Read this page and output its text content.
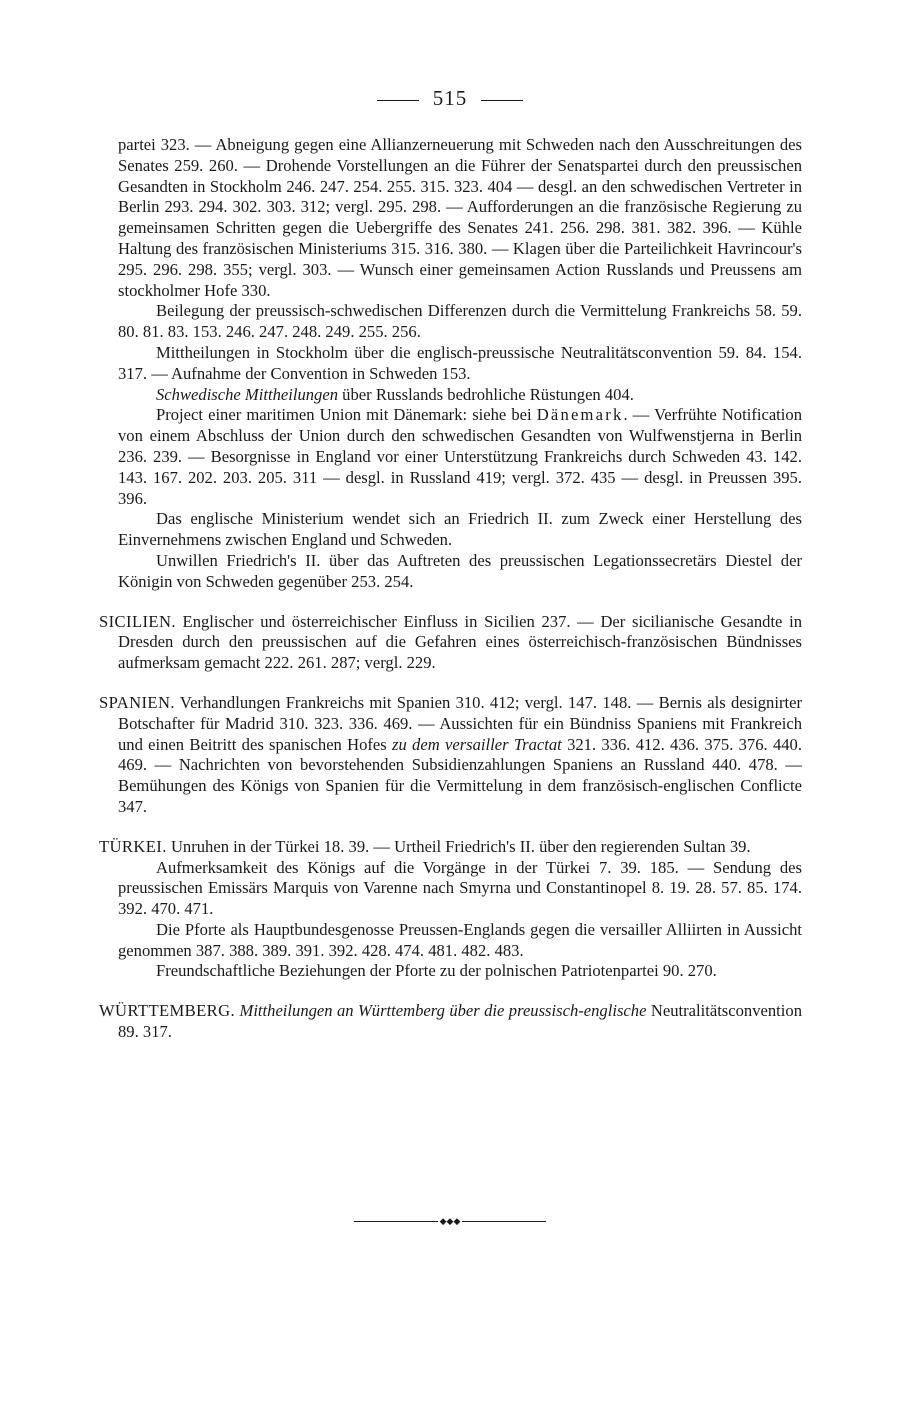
515

partei 323. — Abneigung gegen eine Allianzerneuerung mit Schweden nach den Ausschreitungen des Senates 259. 260. — Drohende Vorstellungen an die Führer der Senatspartei durch den preussischen Gesandten in Stockholm 246. 247. 254. 255. 315. 323. 404 — desgl. an den schwedischen Vertreter in Berlin 293. 294. 302. 303. 312; vergl. 295. 298. — Aufforderungen an die französische Regierung zu gemeinsamen Schritten gegen die Uebergriffe des Senates 241. 256. 298. 381. 382. 396. — Kühle Haltung des französischen Ministeriums 315. 316. 380. — Klagen über die Parteilichkeit Havrincour's 295. 296. 298. 355; vergl. 303. — Wunsch einer gemeinsamen Action Russlands und Preussens am stockholmer Hofe 330.

Beilegung der preussisch-schwedischen Differenzen durch die Vermittelung Frankreichs 58. 59. 80. 81. 83. 153. 246. 247. 248. 249. 255. 256.

Mittheilungen in Stockholm über die englisch-preussische Neutralitätsconvention 59. 84. 154. 317. — Aufnahme der Convention in Schweden 153.

Schwedische Mittheilungen über Russlands bedrohliche Rüstungen 404.

Project einer maritimen Union mit Dänemark: siehe bei Dänemark. — Verfrühte Notification von einem Abschluss der Union durch den schwedischen Gesandten von Wulfwenstjerna in Berlin 236. 239. — Besorgnisse in England vor einer Unterstützung Frankreichs durch Schweden 43. 142. 143. 167. 202. 203. 205. 311 — desgl. in Russland 419; vergl. 372. 435 — desgl. in Preussen 395. 396.

Das englische Ministerium wendet sich an Friedrich II. zum Zweck einer Herstellung des Einvernehmens zwischen England und Schweden.

Unwillen Friedrich's II. über das Auftreten des preussischen Legationssecretärs Diestel der Königin von Schweden gegenüber 253. 254.

SICILIEN. Englischer und österreichischer Einfluss in Sicilien 237. — Der sicilianische Gesandte in Dresden durch den preussischen auf die Gefahren eines österreichisch-französischen Bündnisses aufmerksam gemacht 222. 261. 287; vergl. 229.

SPANIEN. Verhandlungen Frankreichs mit Spanien 310. 412; vergl. 147. 148. — Bernis als designirter Botschafter für Madrid 310. 323. 336. 469. — Aussichten für ein Bündniss Spaniens mit Frankreich und einen Beitritt des spanischen Hofes zu dem versailler Tractat 321. 336. 412. 436. 375. 376. 440. 469. — Nachrichten von bevorstehenden Subsidienzahlungen Spaniens an Russland 440. 478. — Bemühungen des Königs von Spanien für die Vermittelung in dem französisch-englischen Conflicte 347.

TÜRKEI. Unruhen in der Türkei 18. 39. — Urtheil Friedrich's II. über den regierenden Sultan 39.

Aufmerksamkeit des Königs auf die Vorgänge in der Türkei 7. 39. 185. — Sendung des preussischen Emissärs Marquis von Varenne nach Smyrna und Constantinopel 8. 19. 28. 57. 85. 174. 392. 470. 471.

Die Pforte als Hauptbundesgenosse Preussen-Englands gegen die versailler Alliirten in Aussicht genommen 387. 388. 389. 391. 392. 428. 474. 481. 482. 483.

Freundschaftliche Beziehungen der Pforte zu der polnischen Patriotenpartei 90. 270.

WÜRTTEMBERG. Mittheilungen an Württemberg über die preussisch-englische Neutralitätsconvention 89. 317.

◆◆◆
